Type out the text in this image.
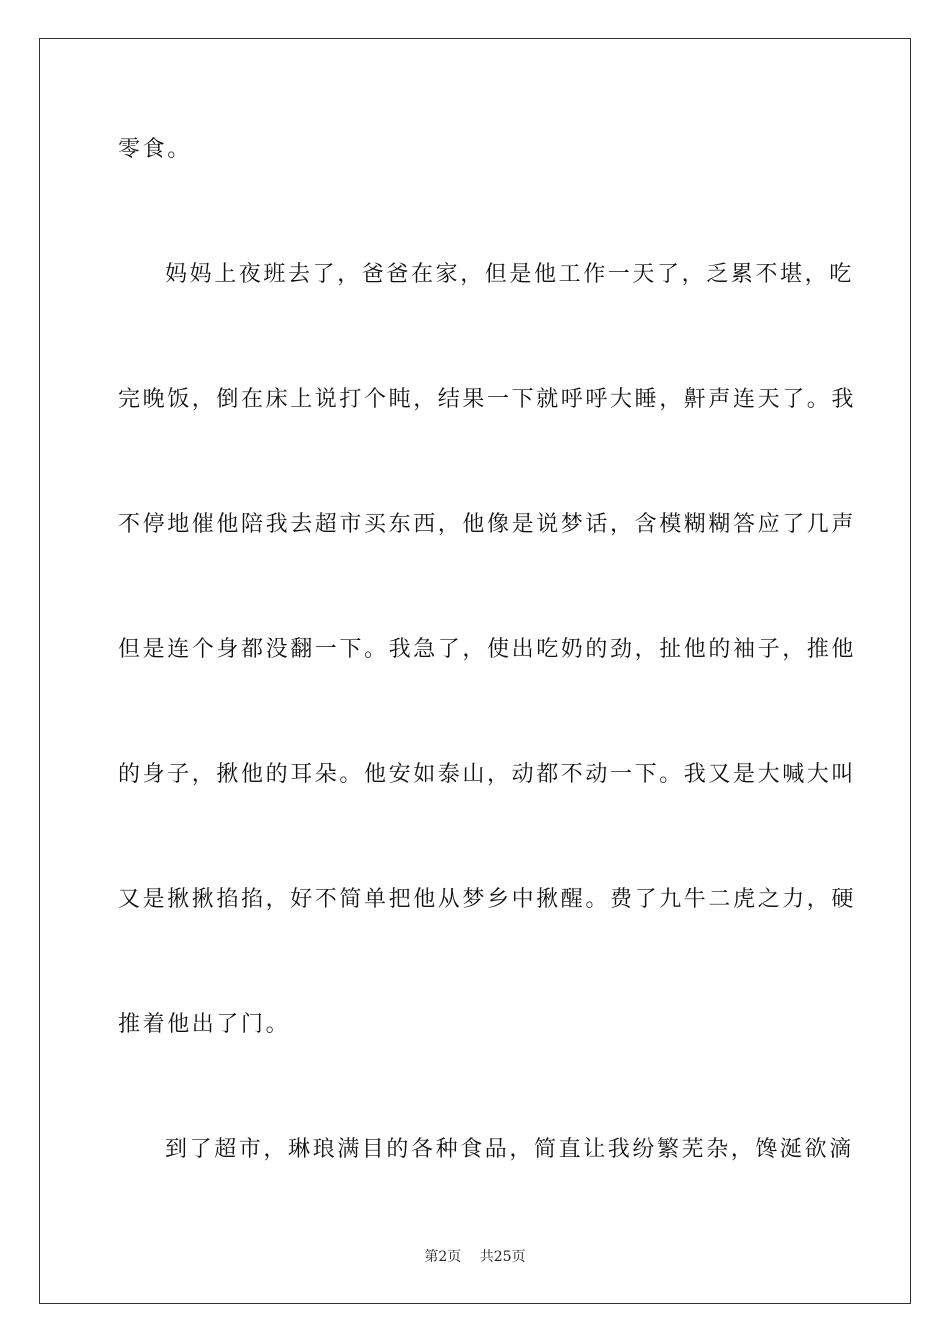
零食。
妈妈上夜班去了，爸爸在家，但是他工作一天了，乏累不堪，吃
完晚饭，倒在床上说打个盹，结果一下就呼呼大睡，鼾声连天了。我
不停地催他陪我去超市买东西，他像是说梦话，含模糊糊答应了几声
但是连个身都没翻一下。我急了，使出吃奶的劲，扯他的袖子，推他
的身子，揪他的耳朵。他安如泰山，动都不动一下。我又是大喊大叫
又是揪揪掐掐，好不简单把他从梦乡中揪醒。费了九牛二虎之力，硬
推着他出了门。
到了超市，琳琅满目的各种食品，简直让我纷繁芜杂，馋涎欲滴
第2页 共25页
